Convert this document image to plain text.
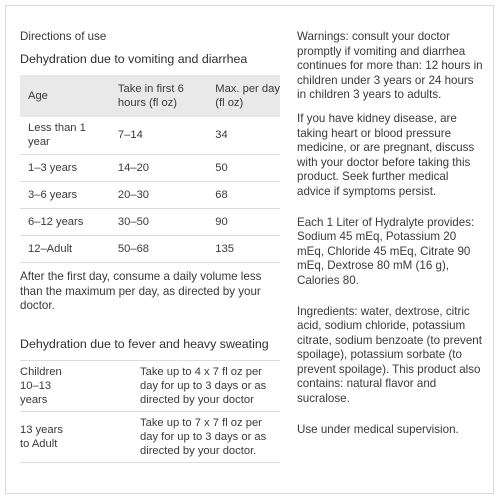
Directions of use

Dehydration due to vomiting and diarrhea

Age	Take in first 6 hours (fl oz)	Max. per day (fl oz)
Less than 1 year	7–14	34
1–3 years	14–20	50
3–6 years	20–30	68
6–12 years	30–50	90
12–Adult	50–68	135

After the first day, consume a daily volume less than the maximum per day, as directed by your doctor.

Dehydration due to fever and heavy sweating

Children 10–13 years	Take up to 4 x 7 fl oz per day for up to 3 days or as directed by your doctor

13 years to Adult	Take up to 7 x 7 fl oz per day for up to 3 days or as directed by your doctor.

Warnings: consult your doctor promptly if vomiting and diarrhea continues for more than: 12 hours in children under 3 years or 24 hours in children 3 years to adults.

If you have kidney disease, are taking heart or blood pressure medicine, or are pregnant, discuss with your doctor before taking this product. Seek further medical advice if symptoms persist.

Each 1 Liter of Hydralyte provides: Sodium 45 mEq, Potassium 20 mEq, Chloride 45 mEq, Citrate 90 mEq, Dextrose 80 mM (16 g), Calories 80.

Ingredients: water, dextrose, citric acid, sodium chloride, potassium citrate, sodium benzoate (to prevent spoilage), potassium sorbate (to prevent spoilage). This product also contains: natural flavor and sucralose.

Use under medical supervision.
